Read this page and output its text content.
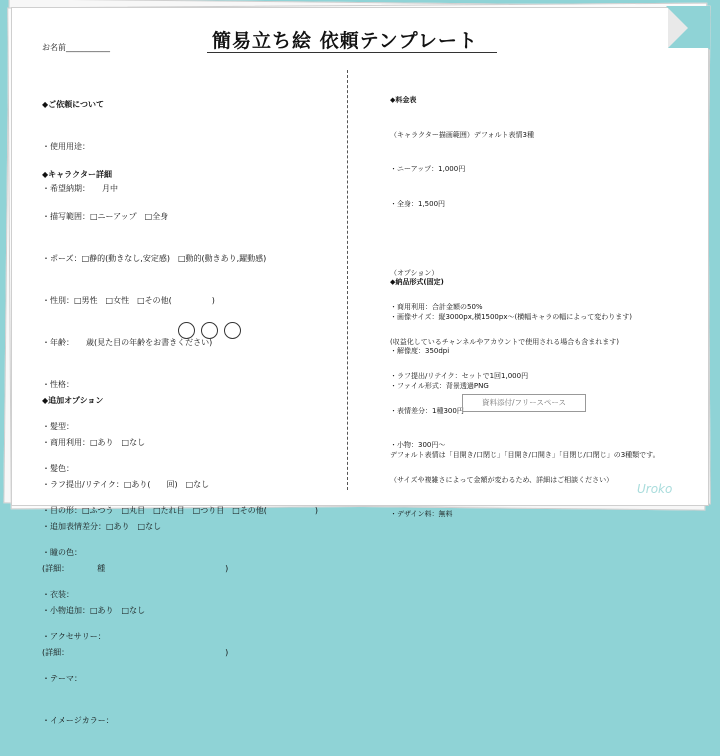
お名前___________	簡易立ち絵 依頼テンプレート

◆ご依頼について

・使用用途：

・希望納期：　　月中

◆キャラクター詳細

・描写範囲：□ニーアップ　□全身

・ポーズ：□静的(動きなし,安定感)　□動的(動きあり,躍動感)

・性別：□男性　□女性　□その他(　　　　　)

・年齢：　　歳(見た目の年齢をお書きください)

・性格：

・髪型：

・髪色：

・目の形：□ふつう　□丸目　□たれ目　□つり目　□その他(　　　　　　)

・瞳の色：

・衣装：

・アクセサリー：

・テーマ：

・イメージカラー：

◆追加オプション

・商用利用：□あり　□なし

・ラフ提出/リテイク：□あり(　　回)　□なし

・追加表情差分：□あり　□なし

(詳細：　　　　種　　　　　　　　　　　　　　　)

・小物追加：□あり　□なし

(詳細：　　　　　　　　　　　　　　　　　　　　)

◆料金表

（キャラクター描画範囲）デフォルト表情3種

・ニーアップ：1,000円

・全身：1,500円

（オプション）

・商用利用：合計金額の50%

(収益化しているチャンネルやアカウントで使用される場合も含まれます)

・ラフ提出/リテイク：セットで1回1,000円

・表情差分：1種300円

・小物：300円～

（サイズや複雑さによって金額が変わるため、詳細はご相談ください）

・デザイン料：無料

◆納品形式(固定)

・画像サイズ：縦3000px,横1500px～(横幅キャラの幅によって変わります)

・解像度：350dpi

・ファイル形式：背景透過PNG

デフォルト表情は「目開き/口閉じ」「目開き/口開き」「目閉じ/口閉じ」の3種類です。

資料添付/フリースペース
Uroko
